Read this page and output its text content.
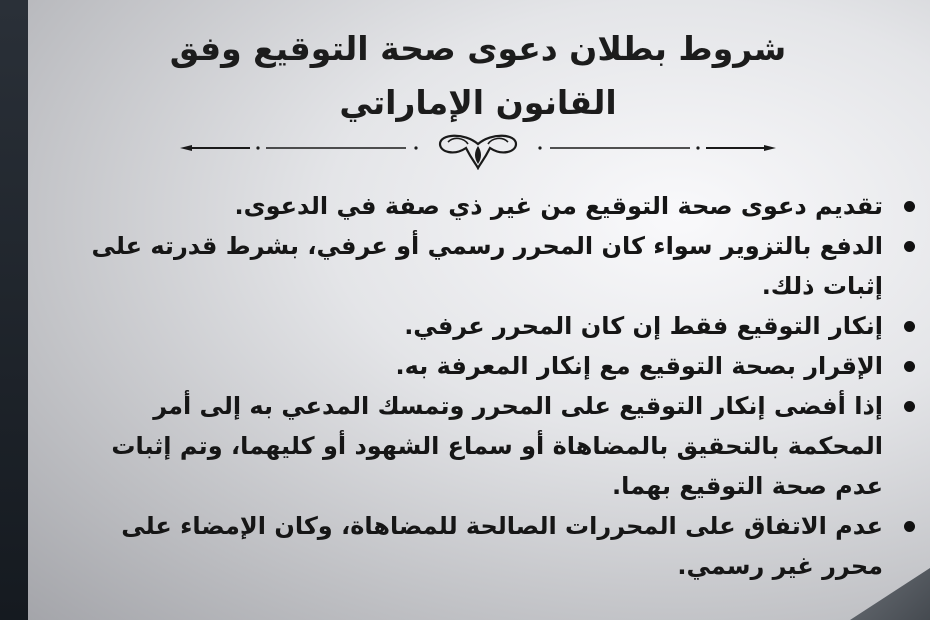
شروط بطلان دعوى صحة التوقيع وفق القانون الإماراتي
تقديم دعوى صحة التوقيع من غير ذي صفة في الدعوى.
الدفع بالتزوير سواء كان المحرر رسمي أو عرفي، بشرط قدرته على إثبات ذلك.
إنكار التوقيع فقط إن كان المحرر عرفي.
الإقرار بصحة التوقيع مع إنكار المعرفة به.
إذا أفضى إنكار التوقيع على المحرر وتمسك المدعي به إلى أمر المحكمة بالتحقيق بالمضاهاة أو سماع الشهود أو كليهما، وتم إثبات عدم صحة التوقيع بهما.
عدم الاتفاق على المحررات الصالحة للمضاهاة، وكان الإمضاء على محرر غير رسمي.
